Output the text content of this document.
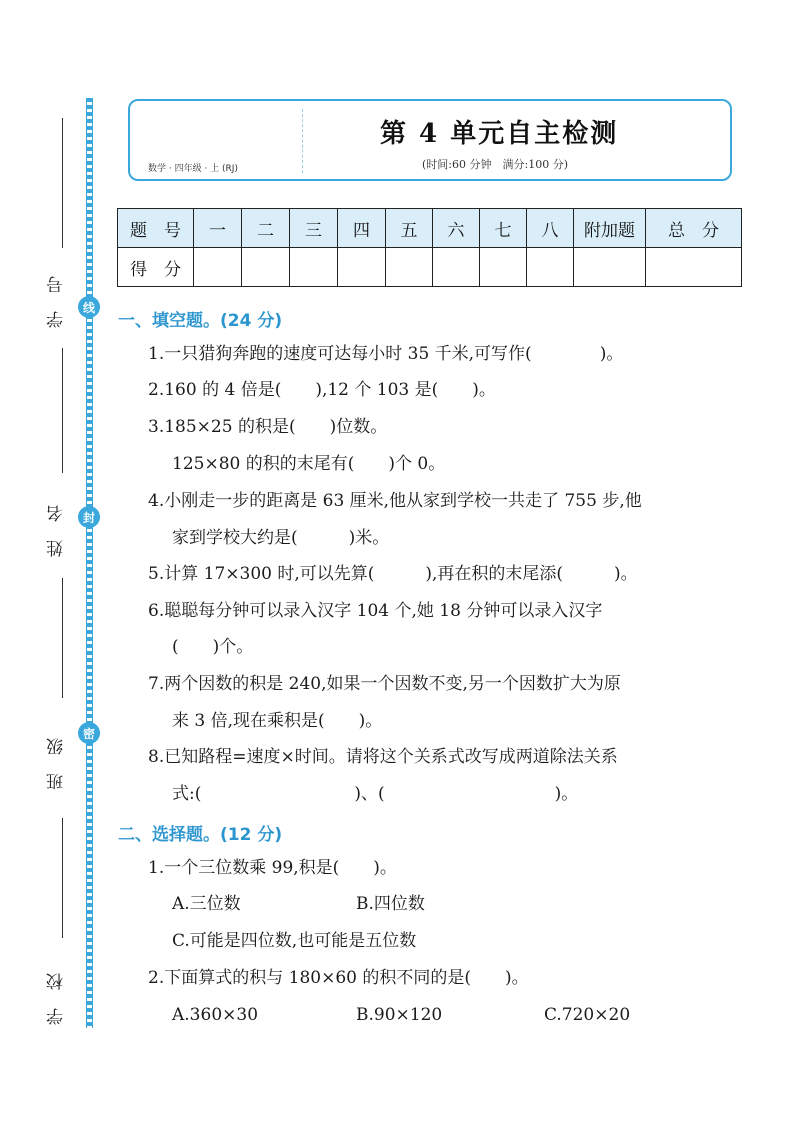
学号
姓名
班级
学校
线
封
密
数学 · 四年级 · 上 (RJ)
第 4 单元自主检测
(时间:60 分钟　满分:100 分)
题　号	一	二	三	四	五	六	七	八	附加题	总　分
得　分										
一、填空题。(24 分)
1.一只猎狗奔跑的速度可达每小时 35 千米,可写作(　　　　)。
2.160 的 4 倍是(　　),12 个 103 是(　　)。
3.185×25 的积是(　　)位数。
125×80 的积的末尾有(　　)个 0。
4.小刚走一步的距离是 63 厘米,他从家到学校一共走了 755 步,他
家到学校大约是(　　　)米。
5.计算 17×300 时,可以先算(　　　),再在积的末尾添(　　　)。
6.聪聪每分钟可以录入汉字 104 个,她 18 分钟可以录入汉字
(　　)个。
7.两个因数的积是 240,如果一个因数不变,另一个因数扩大为原
来 3 倍,现在乘积是(　　)。
8.已知路程=速度×时间。请将这个关系式改写成两道除法关系
式:(　　　　　　　　　)、(　　　　　　　　　　)。
二、选择题。(12 分)
1.一个三位数乘 99,积是(　　)。
A.三位数	B.四位数
C.可能是四位数,也可能是五位数
2.下面算式的积与 180×60 的积不同的是(　　)。
A.360×30	B.90×120	C.720×20
